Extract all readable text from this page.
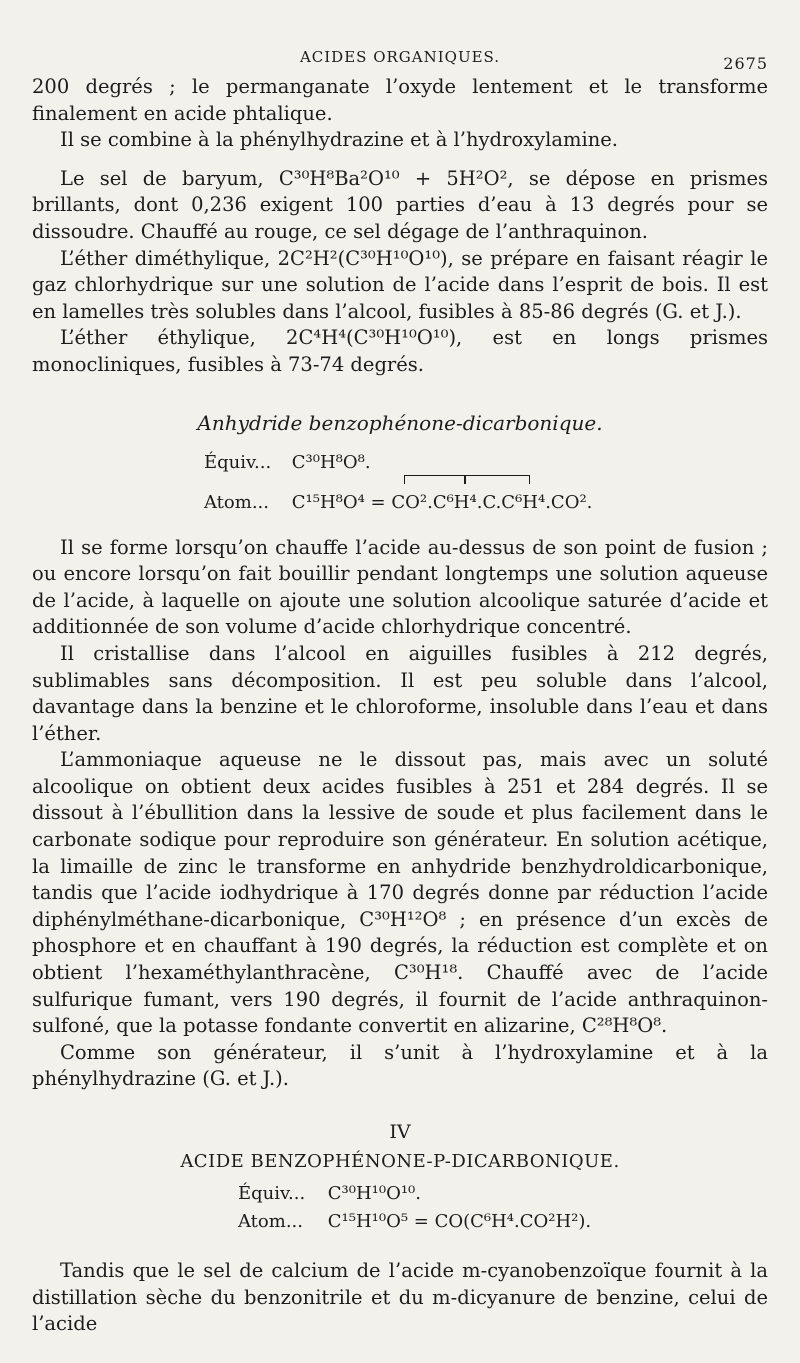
ACIDES ORGANIQUES.	2675

200 degrés ; le permanganate l’oxyde lentement et le transforme finalement en acide phtalique.

Il se combine à la phénylhydrazine et à l’hydroxylamine.

Le sel de baryum, C³⁰H⁸Ba²O¹⁰ + 5H²O², se dépose en prismes brillants, dont 0,236 exigent 100 parties d’eau à 13 degrés pour se dissoudre. Chauffé au rouge, ce sel dégage de l’anthraquinon.

L’éther diméthylique, 2C²H²(C³⁰H¹⁰O¹⁰), se prépare en faisant réagir le gaz chlorhydrique sur une solution de l’acide dans l’esprit de bois. Il est en lamelles très solubles dans l’alcool, fusibles à 85-86 degrés (G. et J.).

L’éther éthylique, 2C⁴H⁴(C³⁰H¹⁰O¹⁰), est en longs prismes monocliniques, fusibles à 73-74 degrés.

Anhydride benzophénone-dicarbonique.
Équiv... C³⁰H⁸O⁸.
Atom... C¹⁵H⁸O⁴ = CO².C⁶H⁴.C.C⁶H⁴.CO².

Il se forme lorsqu’on chauffe l’acide au-dessus de son point de fusion ; ou encore lorsqu’on fait bouillir pendant longtemps une solution aqueuse de l’acide, à laquelle on ajoute une solution alcoolique saturée d’acide et additionnée de son volume d’acide chlorhydrique concentré.

Il cristallise dans l’alcool en aiguilles fusibles à 212 degrés, sublimables sans décomposition. Il est peu soluble dans l’alcool, davantage dans la benzine et le chloroforme, insoluble dans l’eau et dans l’éther.

L’ammoniaque aqueuse ne le dissout pas, mais avec un soluté alcoolique on obtient deux acides fusibles à 251 et 284 degrés. Il se dissout à l’ébullition dans la lessive de soude et plus facilement dans le carbonate sodique pour reproduire son générateur. En solution acétique, la limaille de zinc le transforme en anhydride benzhydroldicarbonique, tandis que l’acide iodhydrique à 170 degrés donne par réduction l’acide diphénylméthane-dicarbonique, C³⁰H¹²O⁸ ; en présence d’un excès de phosphore et en chauffant à 190 degrés, la réduction est complète et on obtient l’hexaméthylanthracène, C³⁰H¹⁸. Chauffé avec de l’acide sulfurique fumant, vers 190 degrés, il fournit de l’acide anthraquinon-sulfoné, que la potasse fondante convertit en alizarine, C²⁸H⁸O⁸.

Comme son générateur, il s’unit à l’hydroxylamine et à la phénylhydrazine (G. et J.).

IV
ACIDE BENZOPHÉNONE-P-DICARBONIQUE.
Équiv... C³⁰H¹⁰O¹⁰.
Atom... C¹⁵H¹⁰O⁵ = CO(C⁶H⁴.CO²H²).

Tandis que le sel de calcium de l’acide m-cyanobenzoïque fournit à la distillation sèche du benzonitrile et du m-dicyanure de benzine, celui de l’acide
